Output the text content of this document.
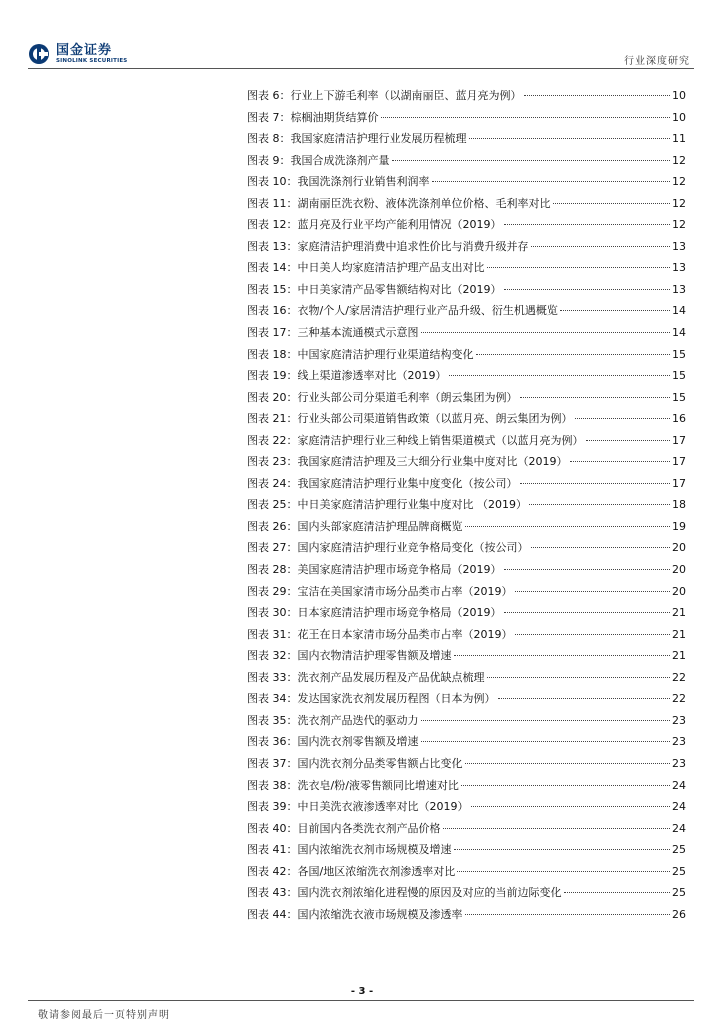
国金证券
SINOLINK SECURITIES	行业深度研究
图表 6： 行业上下游毛利率（以湖南丽臣、蓝月亮为例）	10
图表 7： 棕榈油期货结算价	10
图表 8： 我国家庭清洁护理行业发展历程梳理	11
图表 9： 我国合成洗涤剂产量	12
图表 10： 我国洗涤剂行业销售利润率	12
图表 11： 湖南丽臣洗衣粉、液体洗涤剂单位价格、毛利率对比	12
图表 12： 蓝月亮及行业平均产能利用情况（2019）	12
图表 13： 家庭清洁护理消费中追求性价比与消费升级并存	13
图表 14： 中日美人均家庭清洁护理产品支出对比	13
图表 15： 中日美家清产品零售额结构对比（2019）	13
图表 16： 衣物/个人/家居清洁护理行业产品升级、衍生机遇概览	14
图表 17： 三种基本流通模式示意图	14
图表 18： 中国家庭清洁护理行业渠道结构变化	15
图表 19： 线上渠道渗透率对比（2019）	15
图表 20： 行业头部公司分渠道毛利率（朗云集团为例）	15
图表 21： 行业头部公司渠道销售政策（以蓝月亮、朗云集团为例）	16
图表 22： 家庭清洁护理行业三种线上销售渠道模式（以蓝月亮为例）	17
图表 23： 我国家庭清洁护理及三大细分行业集中度对比（2019）	17
图表 24： 我国家庭清洁护理行业集中度变化（按公司）	17
图表 25： 中日美家庭清洁护理行业集中度对比 （2019）	18
图表 26： 国内头部家庭清洁护理品牌商概览	19
图表 27： 国内家庭清洁护理行业竞争格局变化（按公司）	20
图表 28： 美国家庭清洁护理市场竞争格局（2019）	20
图表 29： 宝洁在美国家清市场分品类市占率（2019）	20
图表 30： 日本家庭清洁护理市场竞争格局（2019）	21
图表 31： 花王在日本家清市场分品类市占率（2019）	21
图表 32： 国内衣物清洁护理零售额及增速	21
图表 33： 洗衣剂产品发展历程及产品优缺点梳理	22
图表 34： 发达国家洗衣剂发展历程图（日本为例）	22
图表 35： 洗衣剂产品迭代的驱动力	23
图表 36： 国内洗衣剂零售额及增速	23
图表 37： 国内洗衣剂分品类零售额占比变化	23
图表 38： 洗衣皂/粉/液零售额同比增速对比	24
图表 39： 中日美洗衣液渗透率对比（2019）	24
图表 40： 目前国内各类洗衣剂产品价格	24
图表 41： 国内浓缩洗衣剂市场规模及增速	25
图表 42： 各国/地区浓缩洗衣剂渗透率对比	25
图表 43： 国内洗衣剂浓缩化进程慢的原因及对应的当前边际变化	25
图表 44： 国内浓缩洗衣液市场规模及渗透率	26
- 3 -
敬请参阅最后一页特别声明
